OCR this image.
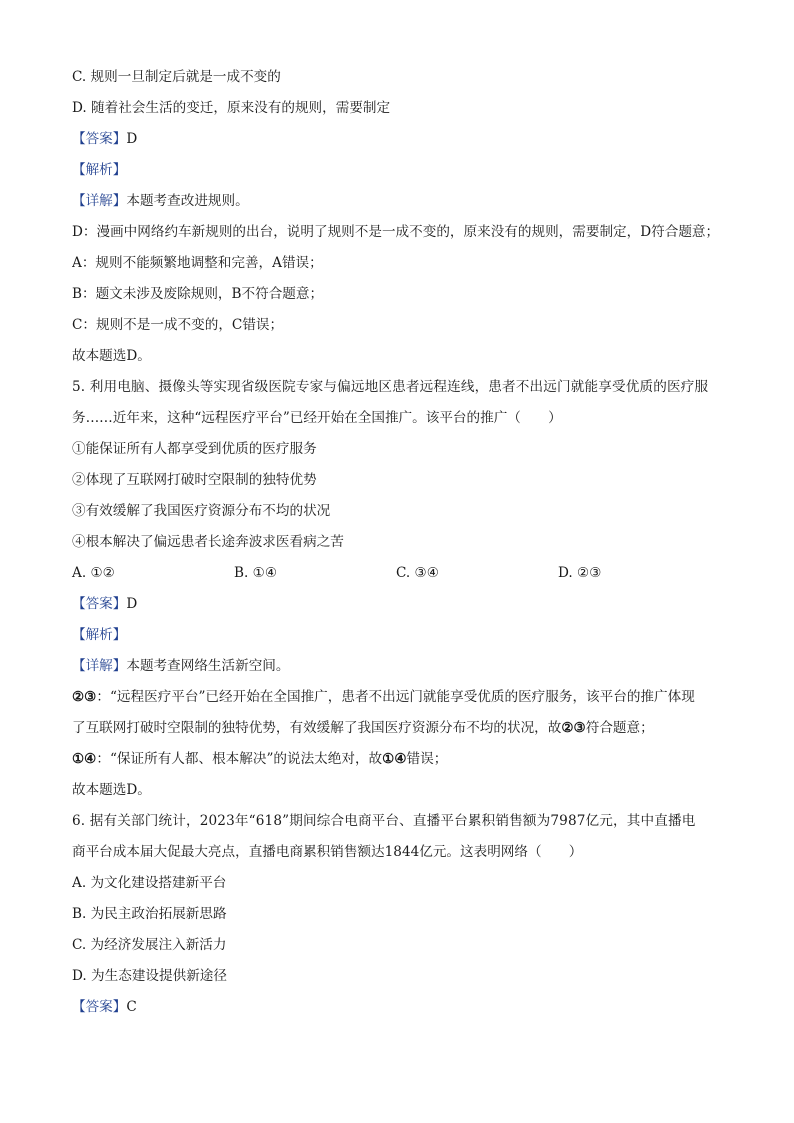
C. 规则一旦制定后就是一成不变的
D. 随着社会生活的变迁，原来没有的规则，需要制定
【答案】D
【解析】
【详解】本题考查改进规则。
D：漫画中网络约车新规则的出台，说明了规则不是一成不变的，原来没有的规则，需要制定，D符合题意；
A：规则不能频繁地调整和完善，A错误；
B：题文未涉及废除规则，B不符合题意；
C：规则不是一成不变的，C错误；
故本题选D。
5. 利用电脑、摄像头等实现省级医院专家与偏远地区患者远程连线，患者不出远门就能享受优质的医疗服
务……近年来，这种“远程医疗平台”已经开始在全国推广。该平台的推广（　　）
①能保证所有人都享受到优质的医疗服务
②体现了互联网打破时空限制的独特优势
③有效缓解了我国医疗资源分布不均的状况
④根本解决了偏远患者长途奔波求医看病之苦
A. ①②	B. ①④	C. ③④	D. ②③
【答案】D
【解析】
【详解】本题考查网络生活新空间。
②③：“远程医疗平台”已经开始在全国推广，患者不出远门就能享受优质的医疗服务，该平台的推广体现
了互联网打破时空限制的独特优势，有效缓解了我国医疗资源分布不均的状况，故②③符合题意；
①④：“保证所有人都、根本解决”的说法太绝对，故①④错误；
故本题选D。
6. 据有关部门统计，2023年“618”期间综合电商平台、直播平台累积销售额为7987亿元，其中直播电
商平台成本届大促最大亮点，直播电商累积销售额达1844亿元。这表明网络（　　）
A. 为文化建设搭建新平台
B. 为民主政治拓展新思路
C. 为经济发展注入新活力
D. 为生态建设提供新途径
【答案】C
